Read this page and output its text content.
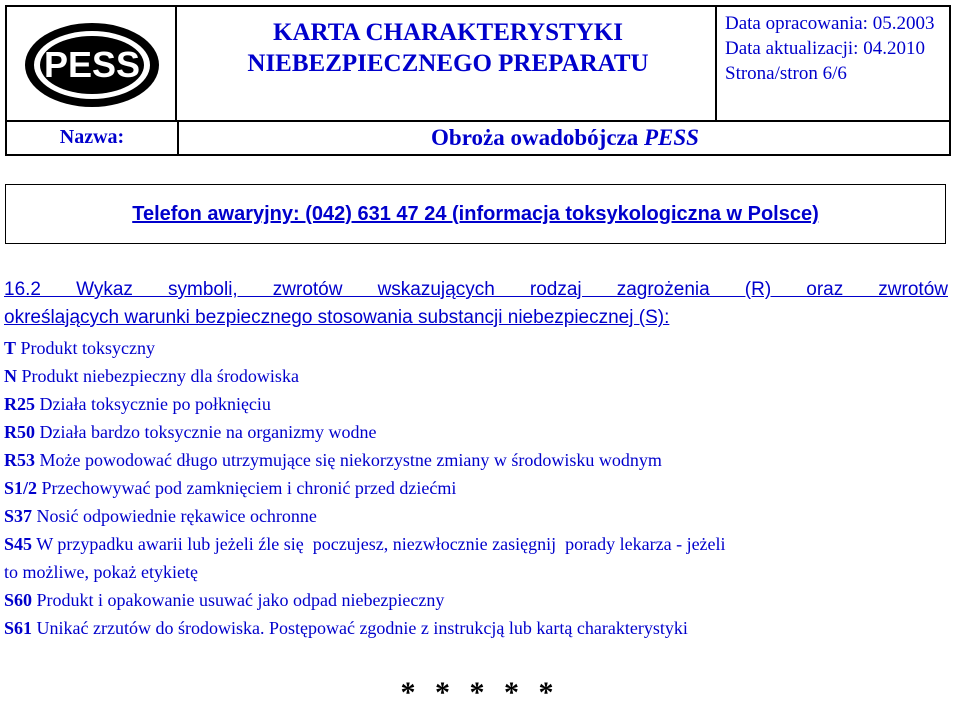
PESS
KARTA CHARAKTERYSTYKI
NIEBEZPIECZNEGO PREPARATU
Data opracowania: 05.2003
Data aktualizacji: 04.2010
Strona/stron 6/6
Nazwa:	Obroża owadobójcza PESS
Telefon awaryjny: (042) 631 47 24 (informacja toksykologiczna w Polsce)

16.2 Wykaz symboli, zwrotów wskazujących rodzaj zagrożenia (R) oraz zwrotów

określających warunki bezpiecznego stosowania substancji niebezpiecznej (S):

T Produkt toksyczny

N Produkt niebezpieczny dla środowiska

R25 Działa toksycznie po połknięciu

R50 Działa bardzo toksycznie na organizmy wodne

R53 Może powodować długo utrzymujące się niekorzystne zmiany w środowisku wodnym

S1/2 Przechowywać pod zamknięciem i chronić przed dziećmi

S37 Nosić odpowiednie rękawice ochronne

S45 W przypadku awarii lub jeżeli źle się  poczujesz, niezwłocznie zasięgnij  porady lekarza - jeżeli

to możliwe, pokaż etykietę

S60 Produkt i opakowanie usuwać jako odpad niebezpieczny

S61 Unikać zrzutów do środowiska. Postępować zgodnie z instrukcją lub kartą charakterystyki

* * * * *
